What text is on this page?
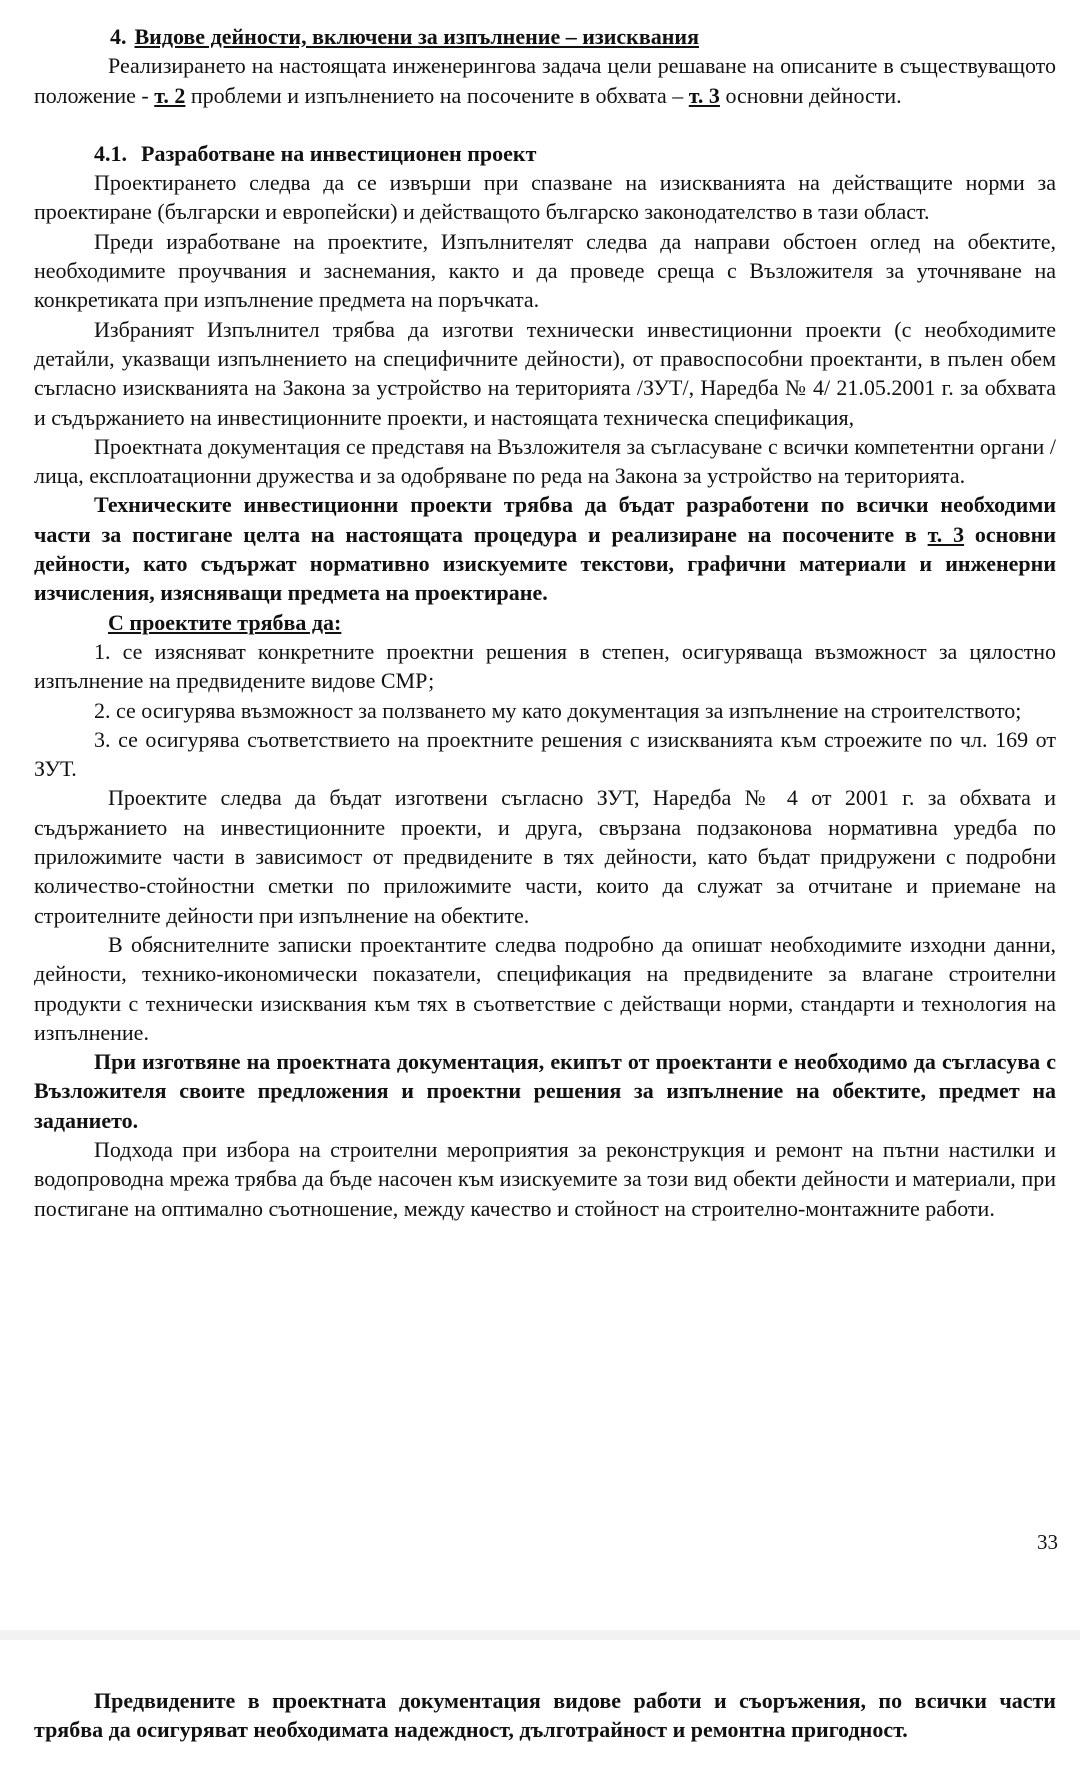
4. Видове дейности, включени за изпълнение – изисквания

Реализирането на настоящата инженерингова задача цели решаване на описаните в съществуващото положение - т. 2 проблеми и изпълнението на посочените в обхвата – т. 3 основни дейности.

4.1. Разработване на инвестиционен проект

Проектирането следва да се извърши при спазване на изискванията на действащите норми за проектиране (български и европейски) и действащото българско законодателство в тази област.

Преди изработване на проектите, Изпълнителят следва да направи обстоен оглед на обектите, необходимите проучвания и заснемания, както и да проведе среща с Възложителя за уточняване на конкретиката при изпълнение предмета на поръчката.

Избраният Изпълнител трябва да изготви технически инвестиционни проекти (с необходимите детайли, указващи изпълнението на специфичните дейности), от правоспособни проектанти, в пълен обем съгласно изискванията на Закона за устройство на територията /ЗУТ/, Наредба № 4/ 21.05.2001 г. за обхвата и съдържанието на инвестиционните проекти, и настоящата техническа спецификация,

Проектната документация се представя на Възложителя за съгласуване с всички компетентни органи / лица, експлоатационни дружества и за одобряване по реда на Закона за устройство на територията.

Техническите инвестиционни проекти трябва да бъдат разработени по всички необходими части за постигане целта на настоящата процедура и реализиране на посочените в т. 3 основни дейности, като съдържат нормативно изискуемите текстови, графични материали и инженерни изчисления, изясняващи предмета на проектиране.

С проектите трябва да:

1. се изясняват конкретните проектни решения в степен, осигуряваща възможност за цялостно изпълнение на предвидените видове СМР;

2. се осигурява възможност за ползването му като документация за изпълнение на строителството;

3. се осигурява съответствието на проектните решения с изискванията към строежите по чл. 169 от ЗУТ.

Проектите следва да бъдат изготвени съгласно ЗУТ, Наредба № 4 от 2001 г. за обхвата и съдържанието на инвестиционните проекти, и друга, свързана подзаконова нормативна уредба по приложимите части в зависимост от предвидените в тях дейности, като бъдат придружени с подробни количество-стойностни сметки по приложимите части, които да служат за отчитане и приемане на строителните дейности при изпълнение на обектите.

В обяснителните записки проектантите следва подробно да опишат необходимите изходни данни, дейности, технико-икономически показатели, спецификация на предвидените за влагане строителни продукти с технически изисквания към тях в съответствие с действащи норми, стандарти и технология на изпълнение.

При изготвяне на проектната документация, екипът от проектанти е необходимо да съгласува с Възложителя своите предложения и проектни решения за изпълнение на обектите, предмет на заданието.

Подхода при избора на строителни мероприятия за реконструкция и ремонт на пътни настилки и водопроводна мрежа трябва да бъде насочен към изискуемите за този вид обекти дейности и материали, при постигане на оптимално съотношение, между качество и стойност на строително-монтажните работи.

33

Предвидените в проектната документация видове работи и съоръжения, по всички части трябва да осигуряват необходимата надеждност, дълготрайност и ремонтна пригодност.
